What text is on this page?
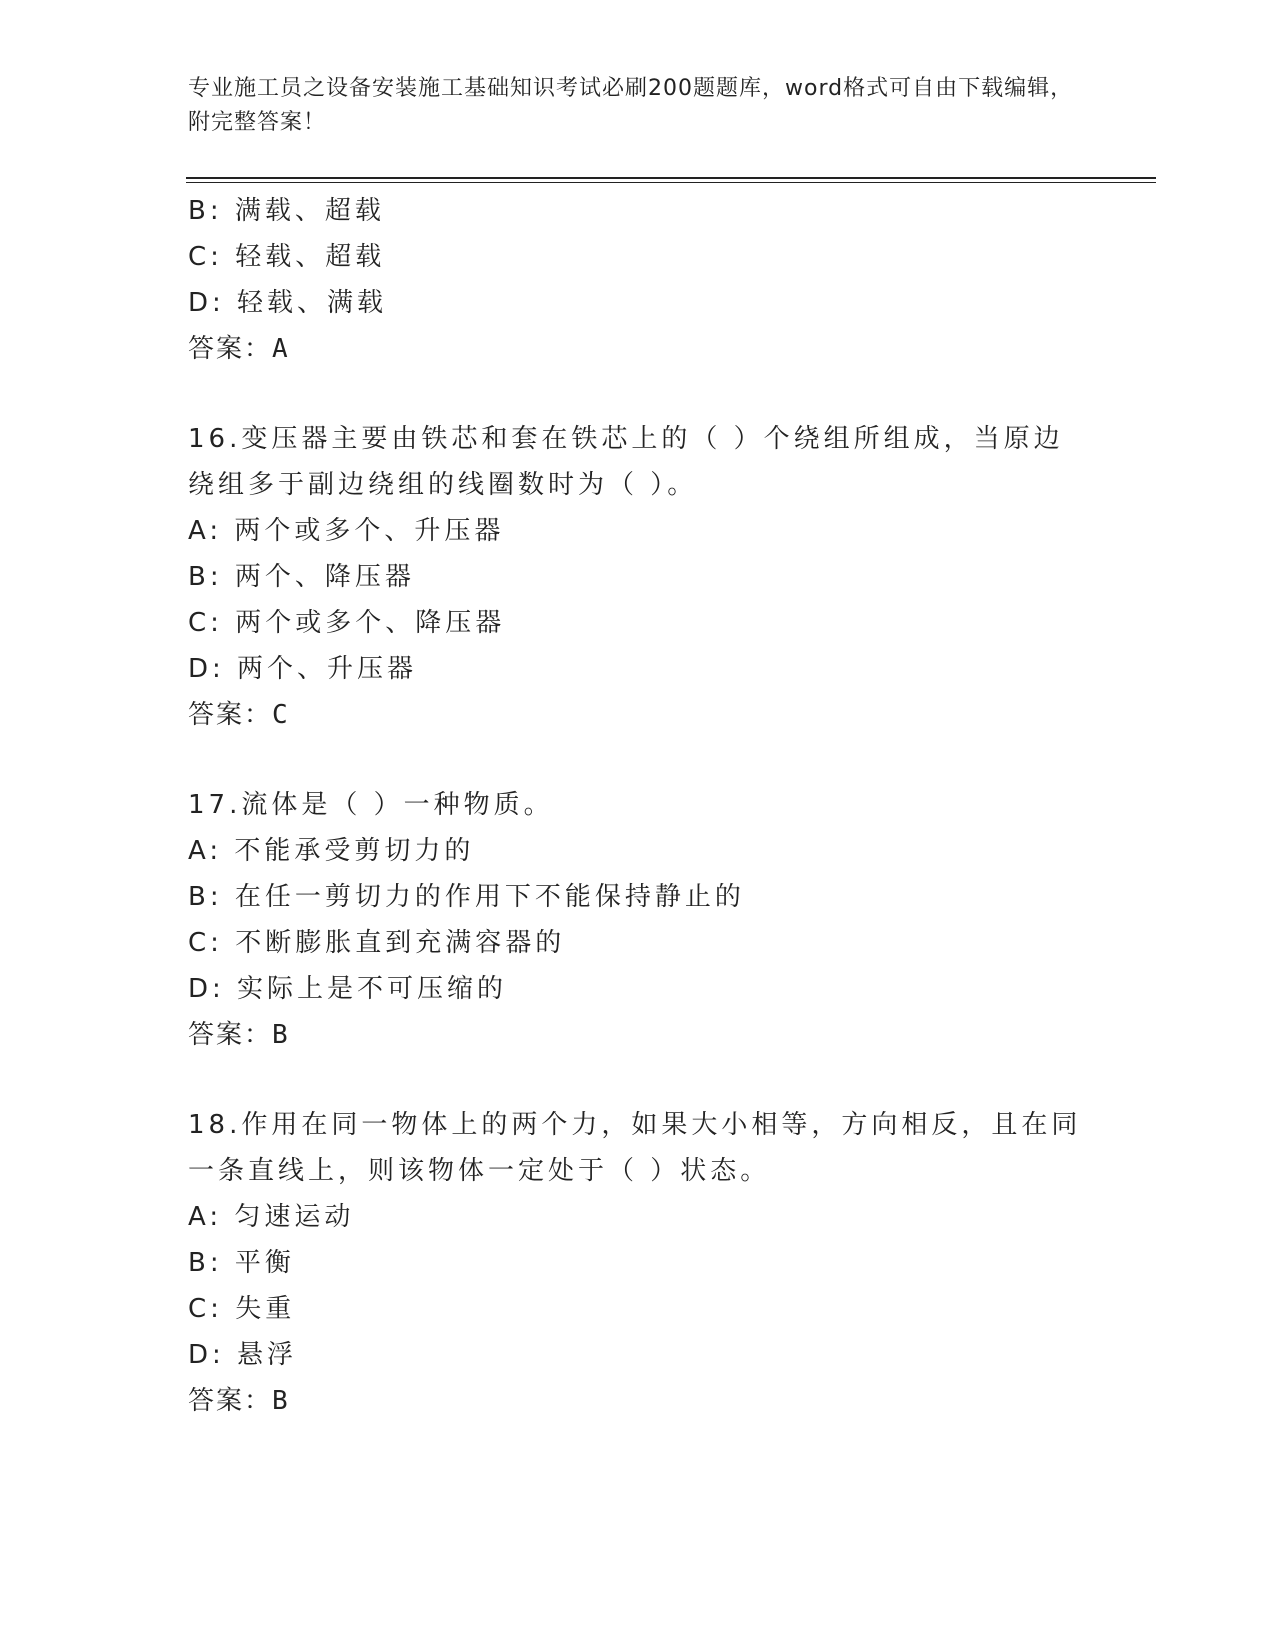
专业施工员之设备安装施工基础知识考试必刷200题题库，word格式可自由下载编辑，附完整答案！
B: 满载、超载
C: 轻载、超载
D: 轻载、满载
答案：A
16.变压器主要由铁芯和套在铁芯上的（ ）个绕组所组成，当原边绕组多于副边绕组的线圈数时为（ ）。
A: 两个或多个、升压器
B: 两个、降压器
C: 两个或多个、降压器
D: 两个、升压器
答案：C
17.流体是（ ）一种物质。
A: 不能承受剪切力的
B: 在任一剪切力的作用下不能保持静止的
C: 不断膨胀直到充满容器的
D: 实际上是不可压缩的
答案：B
18.作用在同一物体上的两个力，如果大小相等，方向相反，且在同一条直线上，则该物体一定处于（ ）状态。
A: 匀速运动
B: 平衡
C: 失重
D: 悬浮
答案：B
